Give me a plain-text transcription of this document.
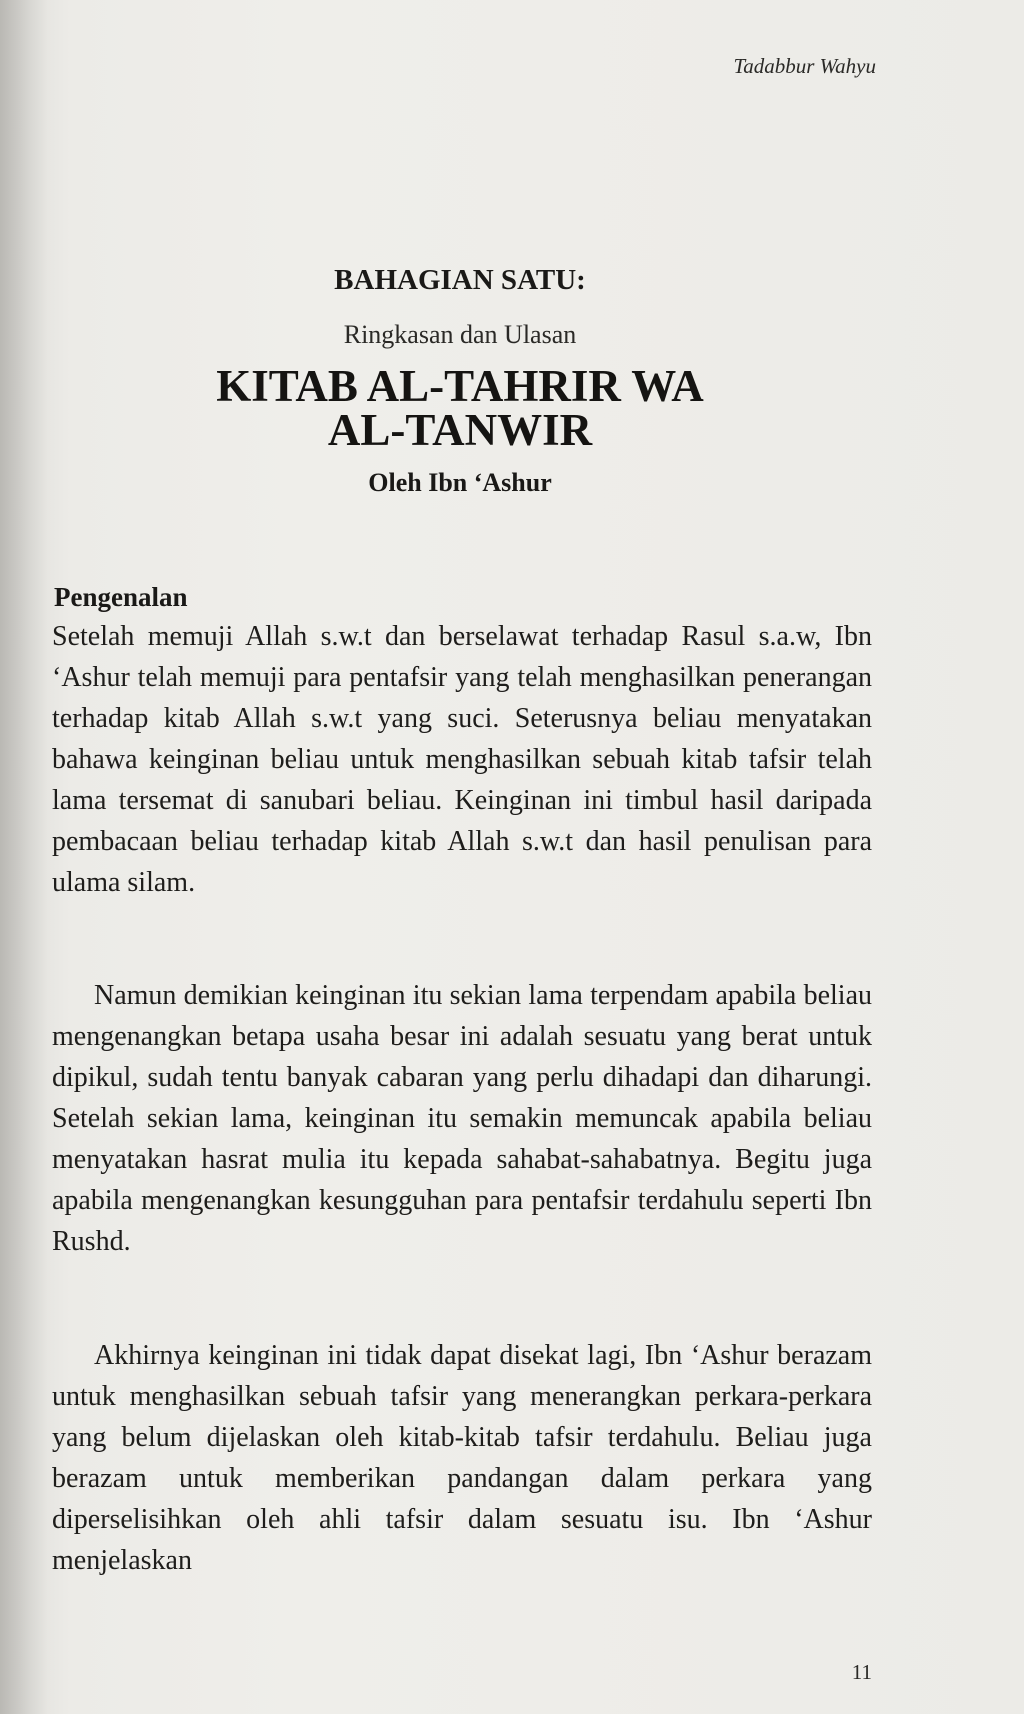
Tadabbur Wahyu
BAHAGIAN SATU:
Ringkasan dan Ulasan
KITAB AL-TAHRIR WA
AL-TANWIR
Oleh Ibn ‘Ashur
Pengenalan

Setelah memuji Allah s.w.t dan berselawat terhadap Rasul s.a.w, Ibn ‘Ashur telah memuji para pentafsir yang telah menghasilkan penerangan terhadap kitab Allah s.w.t yang suci. Seterusnya beliau menyatakan bahawa keinginan beliau untuk menghasilkan sebuah kitab tafsir telah lama tersemat di sanubari beliau. Keinginan ini timbul hasil daripada pembacaan beliau terhadap kitab Allah s.w.t dan hasil penulisan para ulama silam.

Namun demikian keinginan itu sekian lama terpendam apabila beliau mengenangkan betapa usaha besar ini adalah sesuatu yang berat untuk dipikul, sudah tentu banyak cabaran yang perlu dihadapi dan diharungi. Setelah sekian lama, keinginan itu semakin memuncak apabila beliau menyatakan hasrat mulia itu kepada sahabat-sahabatnya. Begitu juga apabila mengenangkan kesungguhan para pentafsir terdahulu seperti Ibn Rushd.

Akhirnya keinginan ini tidak dapat disekat lagi, Ibn ‘Ashur berazam untuk menghasilkan sebuah tafsir yang menerangkan perkara-perkara yang belum dijelaskan oleh kitab-kitab tafsir terdahulu. Beliau juga berazam untuk memberikan pandangan dalam perkara yang diperselisihkan oleh ahli tafsir dalam sesuatu isu. Ibn ‘Ashur menjelaskan

11
